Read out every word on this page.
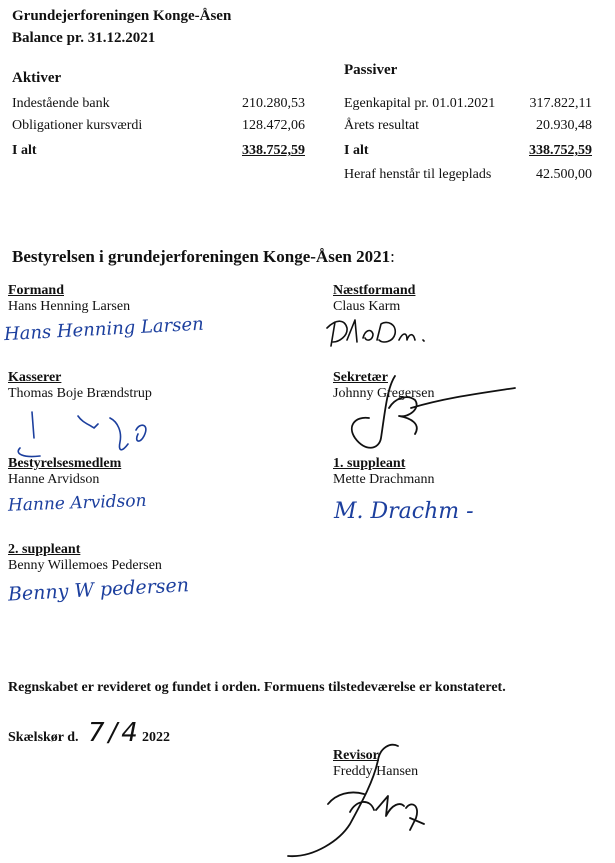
Grundejerforeningen Konge-Åsen
Balance pr. 31.12.2021
Aktiver
Indestående bank	210.280,53
Obligationer kursværdi	128.472,06
I alt	338.752,59
Passiver
Egenkapital pr. 01.01.2021	317.822,11
Årets resultat	20.930,48
I alt	338.752,59
Heraf henstår til legeplads	42.500,00
Bestyrelsen i grundejerforeningen Konge-Åsen 2021:
Formand
Hans Henning Larsen
Hans Henning Larsen
Næstformand
Claus Karm
Kasserer
Thomas Boje Brændstrup
Sekretær
Johnny Gregersen
Bestyrelsesmedlem
Hanne Arvidson
Hanne Arvidson
1. suppleant
Mette Drachmann
M. Drachm -
2. suppleant
Benny Willemoes Pedersen
Benny W pedersen
Regnskabet er revideret og fundet i orden. Formuens tilstedeværelse er konstateret.
Skælskør d. 7/4 2022
Revisor
Freddy Hansen
